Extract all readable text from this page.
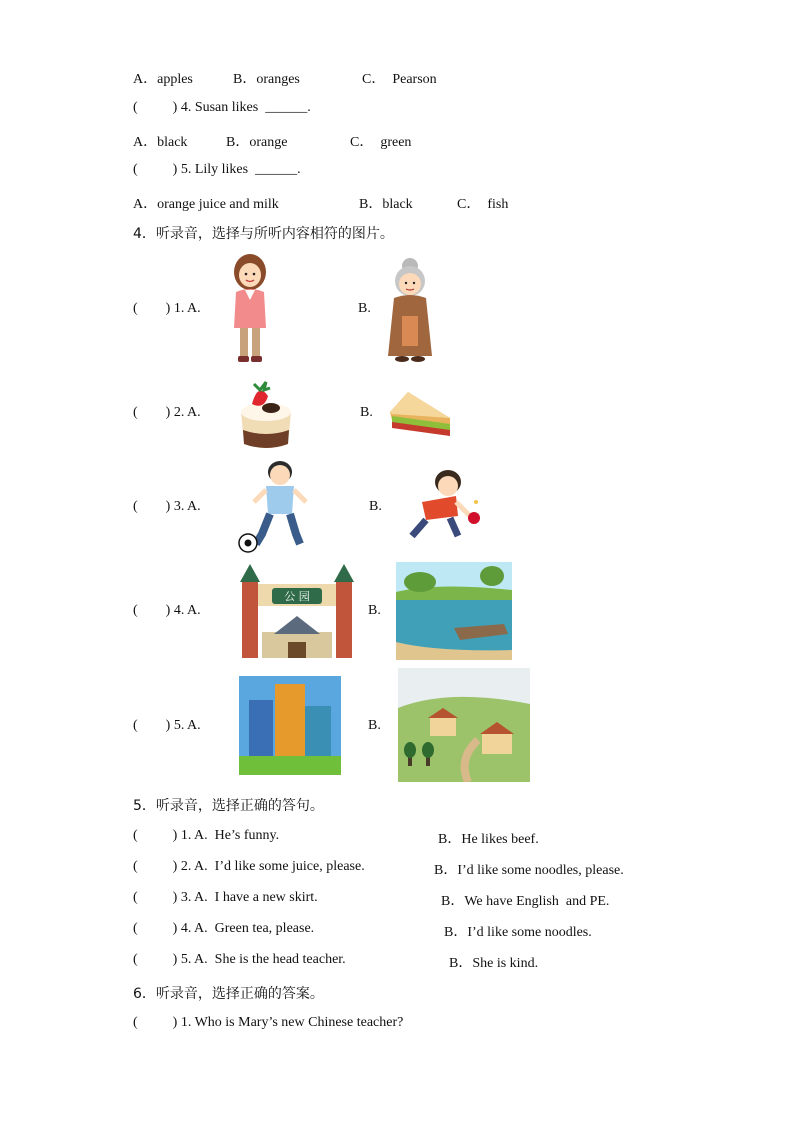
A．apples	B．oranges	C．  Pearson
(          ) 4. Susan likes  ______.
A．black	B．orange	C．  green
(          ) 5. Lily likes  ______.
A．orange juice and milk	B．black	C．  fish
4．听录音，选择与所听内容相符的图片。
(        ) 1. A.	B.
(        ) 2. A.	B.
(        ) 3. A.	B.
(        ) 4. A.	B.
(        ) 5. A.	B.
公 园
5．听录音，选择正确的答句。
(          ) 1. A.  He’s funny.	B．He likes beef.
(          ) 2. A.  I’d like some juice, please.	B．I’d like some noodles, please.
(          ) 3. A.  I have a new skirt.	B．We have English  and PE.
(          ) 4. A.  Green tea, please.	B．I’d like some noodles.
(          ) 5. A.  She is the head teacher.	B．She is kind.
6．听录音，选择正确的答案。
(          ) 1. Who is Mary’s new Chinese teacher?
